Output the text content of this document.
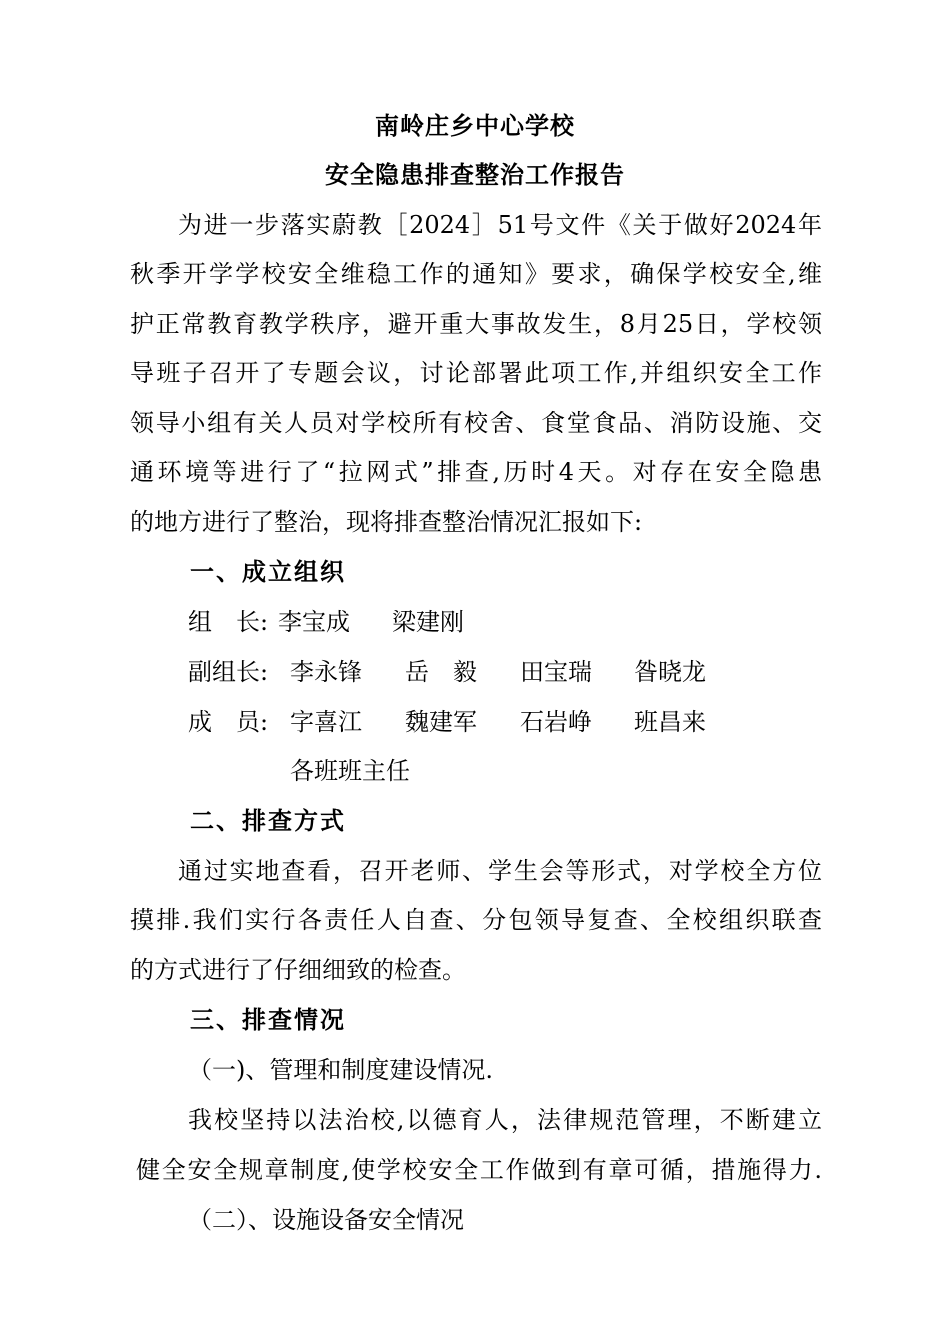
南岭庄乡中心学校
安全隐患排查整治工作报告
为进一步落实蔚教［2024］51号文件《关于做好2024年
秋季开学学校安全维稳工作的通知》要求，确保学校安全,维
护正常教育教学秩序，避开重大事故发生，8月25日，学校领
导班子召开了专题会议，讨论部署此项工作,并组织安全工作
领导小组有关人员对学校所有校舍、食堂食品、消防设施、交
通环境等进行了“拉网式”排查,历时4天。对存在安全隐患
的地方进行了整治，现将排查整治情况汇报如下:
一、成立组织
组　长: 李宝成 梁建刚
副组长: 李永锋 岳　毅 田宝瑞 昝晓龙
成　员: 字喜江 魏建军 石岩峥 班昌来
各班班主任
二、排查方式
通过实地查看，召开老师、学生会等形式，对学校全方位
摸排.我们实行各责任人自查、分包领导复查、全校组织联查
的方式进行了仔细细致的检查。
三、排查情况
（一)、管理和制度建设情况.
我校坚持以法治校,以德育人，法律规范管理，不断建立
健全安全规章制度,使学校安全工作做到有章可循，措施得力.
（二）、设施设备安全情况
